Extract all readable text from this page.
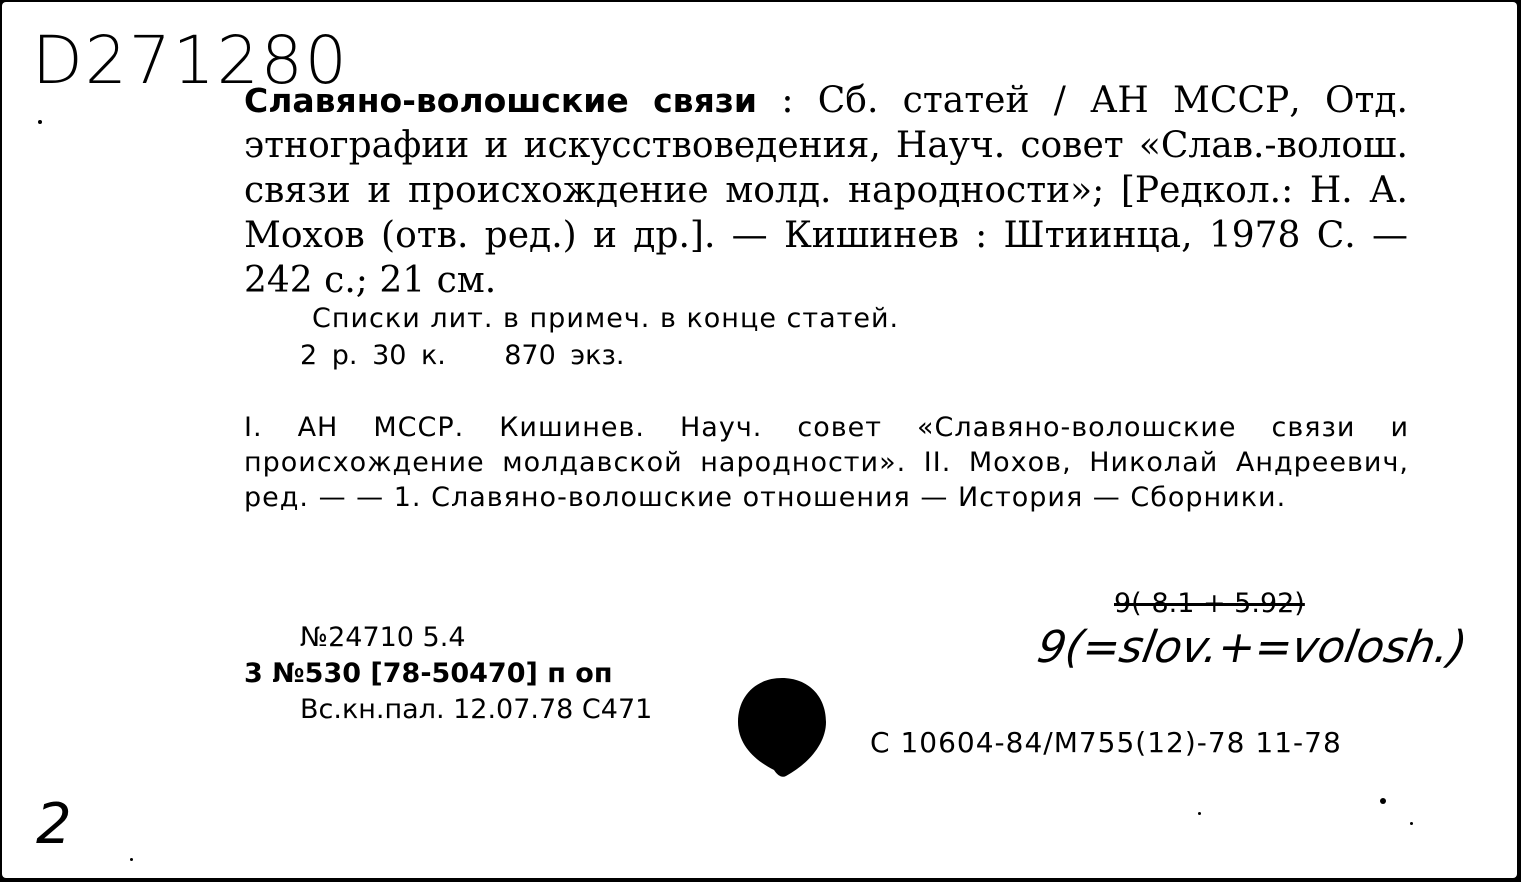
D271280

Славяно-волошские связи : Сб. статей / АН МССР, Отд. этнографии и искусствоведения, Науч. совет «Слав.-волош. связи и происхождение молд. народности»; [Редкол.: Н. А. Мохов (отв. ред.) и др.]. — Кишинев : Штиинца, 1978 С. — 242 с.; 21 см.

Списки лит. в примеч. в конце статей.
2 р. 30 к. 870 экз.

I. АН МССР. Кишинев. Науч. совет «Славяно-волошские связи и происхождение молдавской народности». II. Мохов, Николай Андреевич, ред. — — 1. Славяно-волошские отношения — История — Сборники.

№24710 5.4
3 №530 [78-50470] п оп
Вс.кн.пал. 12.07.78 С471
9(-8.1 + 5.92)
9(=slov.+=volosh.)
С 10604-84/М755(12)-78 11-78
2
